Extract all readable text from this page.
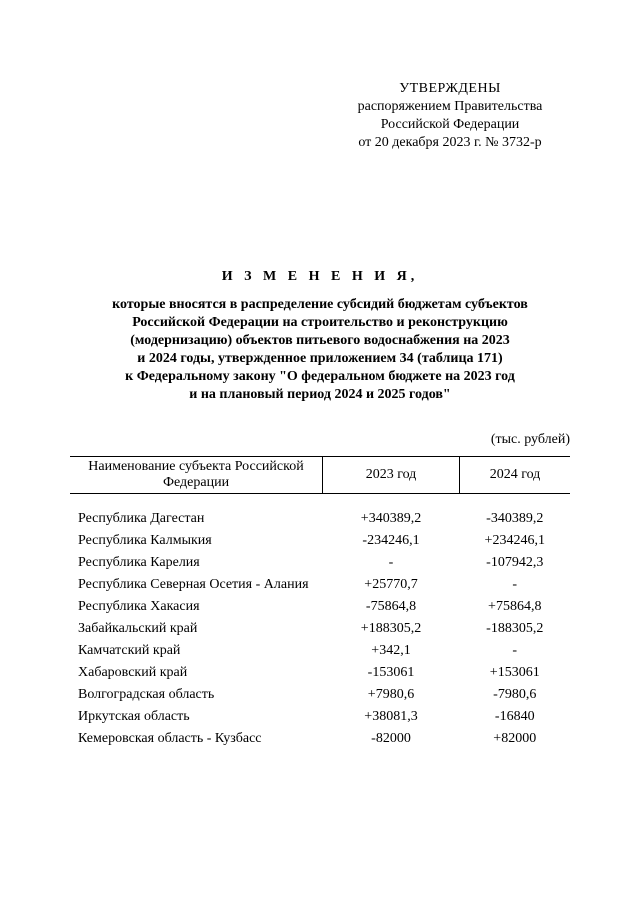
УТВЕРЖДЕНЫ
распоряжением Правительства
Российской Федерации
от 20 декабря 2023 г. № 3732-р
И З М Е Н Е Н И Я,
которые вносятся в распределение субсидий бюджетам субъектов
Российской Федерации на строительство и реконструкцию
(модернизацию) объектов питьевого водоснабжения на 2023
и 2024 годы, утвержденное приложением 34 (таблица 171)
к Федеральному закону "О федеральном бюджете на 2023 год
и на плановый период 2024 и 2025 годов"
(тыс. рублей)
Наименование субъекта Российской Федерации	2023 год	2024 год

Республика Дагестан	+340389,2	-340389,2
Республика Калмыкия	-234246,1	+234246,1
Республика Карелия	-	-107942,3
Республика Северная Осетия - Алания	+25770,7	-
Республика Хакасия	-75864,8	+75864,8
Забайкальский край	+188305,2	-188305,2
Камчатский край	+342,1	-
Хабаровский край	-153061	+153061
Волгоградская область	+7980,6	-7980,6
Иркутская область	+38081,3	-16840
Кемеровская область - Кузбасс	-82000	+82000
